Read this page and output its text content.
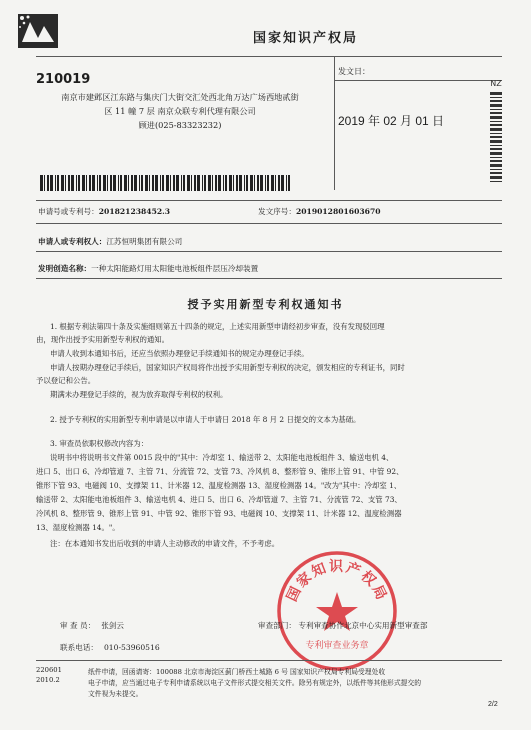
国家知识产权局
210019
南京市建邺区江东路与集庆门大街交汇处西北角万达广场西地贰街
区 11 幢 7 层 南京众联专利代理有限公司
顾进(025-83323232)
发文日：
2019 年 02 月 01 日
NZ
申请号或专利号：201821238452.3	发文序号：2019012801603670
申请人或专利权人：江苏恒明集团有限公司
发明创造名称：一种太阳能路灯用太阳能电池板组件层压冷却装置
授予实用新型专利权通知书
1. 根据专利法第四十条及实施细则第五十四条的规定，上述实用新型申请经初步审查，没有发现驳回理
由，现作出授予实用新型专利权的通知。
申请人收到本通知书后，还应当依照办理登记手续通知书的规定办理登记手续。
申请人按期办理登记手续后，国家知识产权局将作出授予实用新型专利权的决定，颁发相应的专利证书，同时
予以登记和公告。
期满未办理登记手续的，视为放弃取得专利权的权利。
2. 授予专利权的实用新型专利申请是以申请人于申请日 2018 年 8 月 2 日提交的文本为基础。
3. 审查员依职权修改内容为：
说明书中将说明书文件第 0015 段中的"其中：冷却室 1、输送带 2、太阳能电池板组件 3、输送电机 4、
进口 5、出口 6、冷却管道 7、主管 71、分流管 72、支管 73、冷风机 8、整形管 9、锥形上管 91、中管 92、
锥形下管 93、电磁阀 10、支撑架 11、计米器 12、温度检测器 13、湿度检测器 14。"改为"其中：冷却室 1、
输送带 2、太阳能电池板组件 3、输送电机 4、进口 5、出口 6、冷却管道 7、主管 71、分流管 72、支管 73、
冷风机 8、整形管 9、锥形上管 91、中管 92、锥形下管 93、电磁阀 10、支撑架 11、计米器 12、温度检测器
13、湿度检测器 14。"。
注：在本通知书发出后收到的申请人主动修改的申请文件，不予考虑。
国家知识产权局
专利审查业务章
审 查 员： 张剑云	审查部门： 专利审查协作北京中心实用新型审查部
联系电话： 010-53960516
220601
2010.2
纸件申请，回函请寄：100088 北京市海淀区蓟门桥西土城路 6 号 国家知识产权局专利局受理处收
电子申请，应当通过电子专利申请系统以电子文件形式提交相关文件。除另有规定外，以纸件等其他形式提交的
文件视为未提交。
2/2
